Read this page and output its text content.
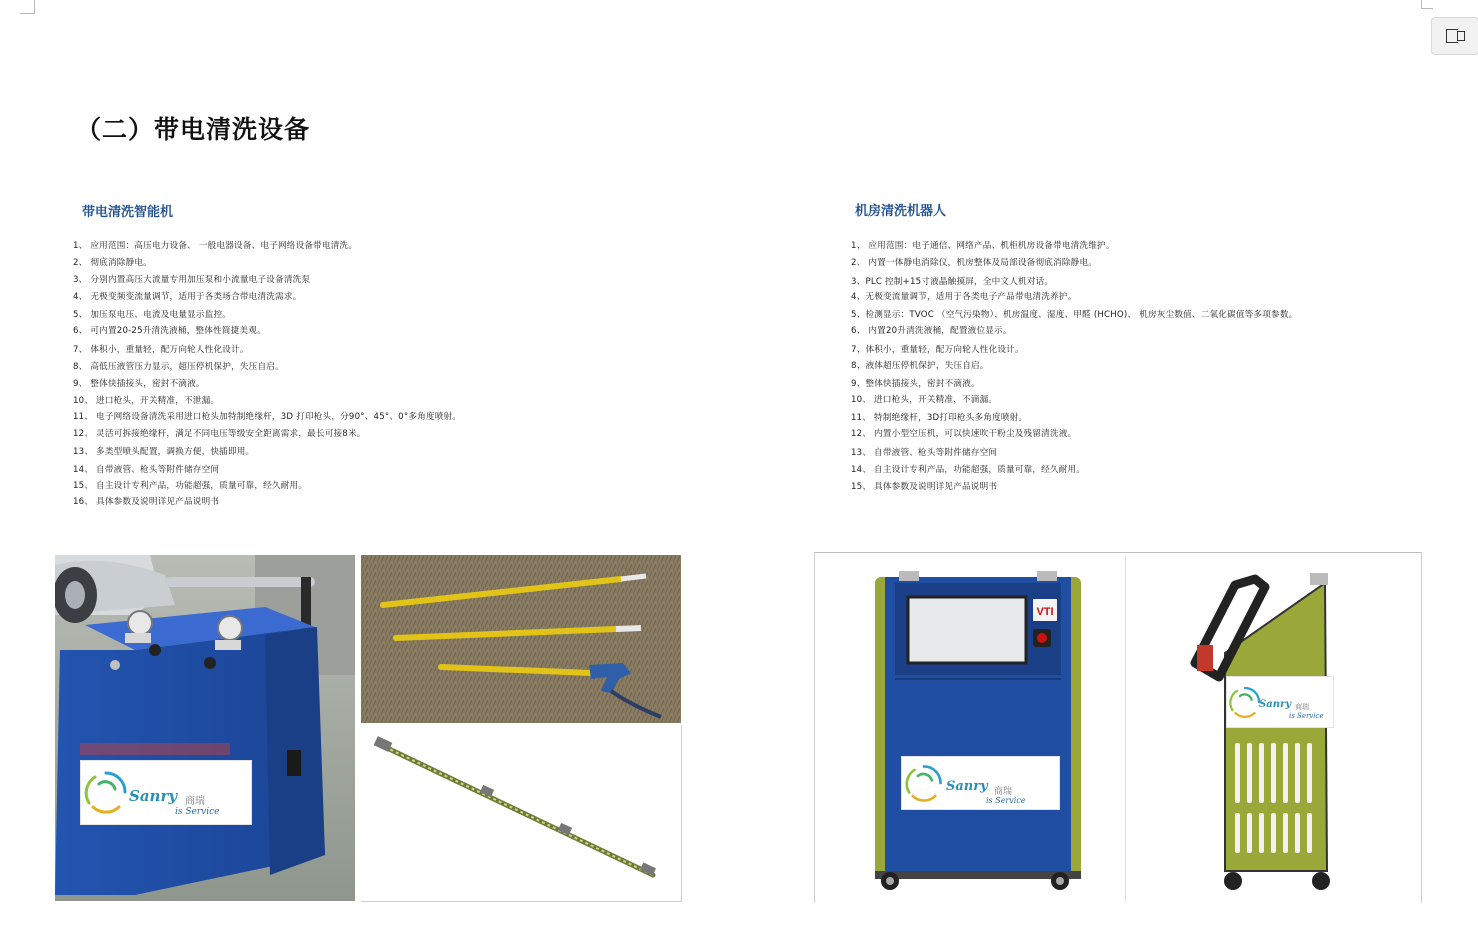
（二）带电清洗设备
带电清洗智能机	机房清洗机器人
1、 应用范围：高压电力设备、 一般电器设备、电子网络设备带电清洗。
2、 彻底消除静电。
3、 分别内置高压大流量专用加压泵和小流量电子设备清洗泵
4、 无极变频变流量调节，适用于各类场合带电清洗需求。
5、 加压泵电压、电流及电量显示监控。
6、 可内置20-25升清洗液桶，整体性简捷美观。
7、 体积小，重量轻，配万向轮人性化设计。
8、 高低压液管压力显示，超压停机保护，失压自启。
9、 整体快插接头，密封不滴液。
10、 进口枪头，开关精准，不泄漏。
11、 电子网络设备清洗采用进口枪头加特制绝缘杆，3D 打印枪头，分90°、45°、0°多角度喷射。
12、 灵活可拆接绝缘杆，满足不同电压等级安全距离需求，最长可接8米。
13、 多类型喷头配置，调换方便，快插即用。
14、 自带液管、枪头等附件储存空间
15、 自主设计专利产品，功能超强，质量可靠，经久耐用。
16、 具体参数及说明详见产品说明书
1、 应用范围：电子通信、网络产品、机柜机房设备带电清洗维护。
2、 内置一体静电消除仪，机房整体及局部设备彻底消除静电。
3、PLC 控制+15寸液晶触摸屏，全中文人机对话。
4、无极变流量调节，适用于各类电子产品带电清洗养护。
5、检测显示：TVOC （空气污染物）、机房温度、湿度、甲醛 (HCHO)、 机房灰尘数值、二氧化碳值等多项参数。
6、 内置20升清洗液桶，配置液位显示。
7、体积小，重量轻，配万向轮人性化设计。
8、液体超压停机保护，失压自启。
9、整体快插接头，密封不滴液。
10、 进口枪头，开关精准，不滴漏。
11、 特制绝缘杆，3D打印枪头多角度喷射。
12、 内置小型空压机，可以快速吹干粉尘及残留清洗液。
13、 自带液管、枪头等附件储存空间
14、 自主设计专利产品，功能超强，质量可靠，经久耐用。
15、 具体参数及说明详见产品说明书
Sanry 商瑞
is Service
VTI
Sanry 商瑞
is Service
Sanry 商瑞
is Service
